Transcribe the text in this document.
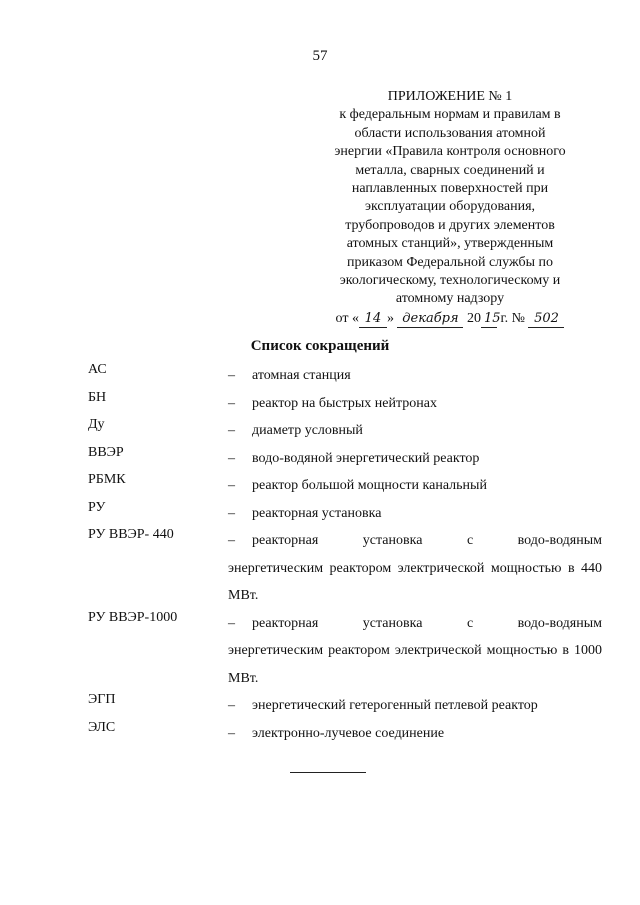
57
ПРИЛОЖЕНИЕ № 1
к федеральным нормам и правилам в
области использования атомной
энергии «Правила контроля основного
металла, сварных соединений и
наплавленных поверхностей при
эксплуатации оборудования,
трубопроводов и других элементов
атомных станций», утвержденным
приказом Федеральной службы по
экологическому, технологическому и
атомному надзору
от « 14 » декабря 20 15 г. № 502
Список сокращений
АС	– атомная станция
БН	– реактор на быстрых нейтронах
Ду	– диаметр условный
ВВЭР	– водо-водяной энергетический реактор
РБМК	– реактор большой мощности канальный
РУ	– реакторная установка
РУ ВВЭР- 440	–	реакторная установка с водо-водяным
энергетическим реактором электрической мощностью в 440 МВт.
РУ ВВЭР-1000	–	реакторная установка с водо-водяным
энергетическим реактором электрической мощностью в 1000 МВт.
ЭГП	– энергетический гетерогенный петлевой реактор
ЭЛС	– электронно-лучевое соединение
